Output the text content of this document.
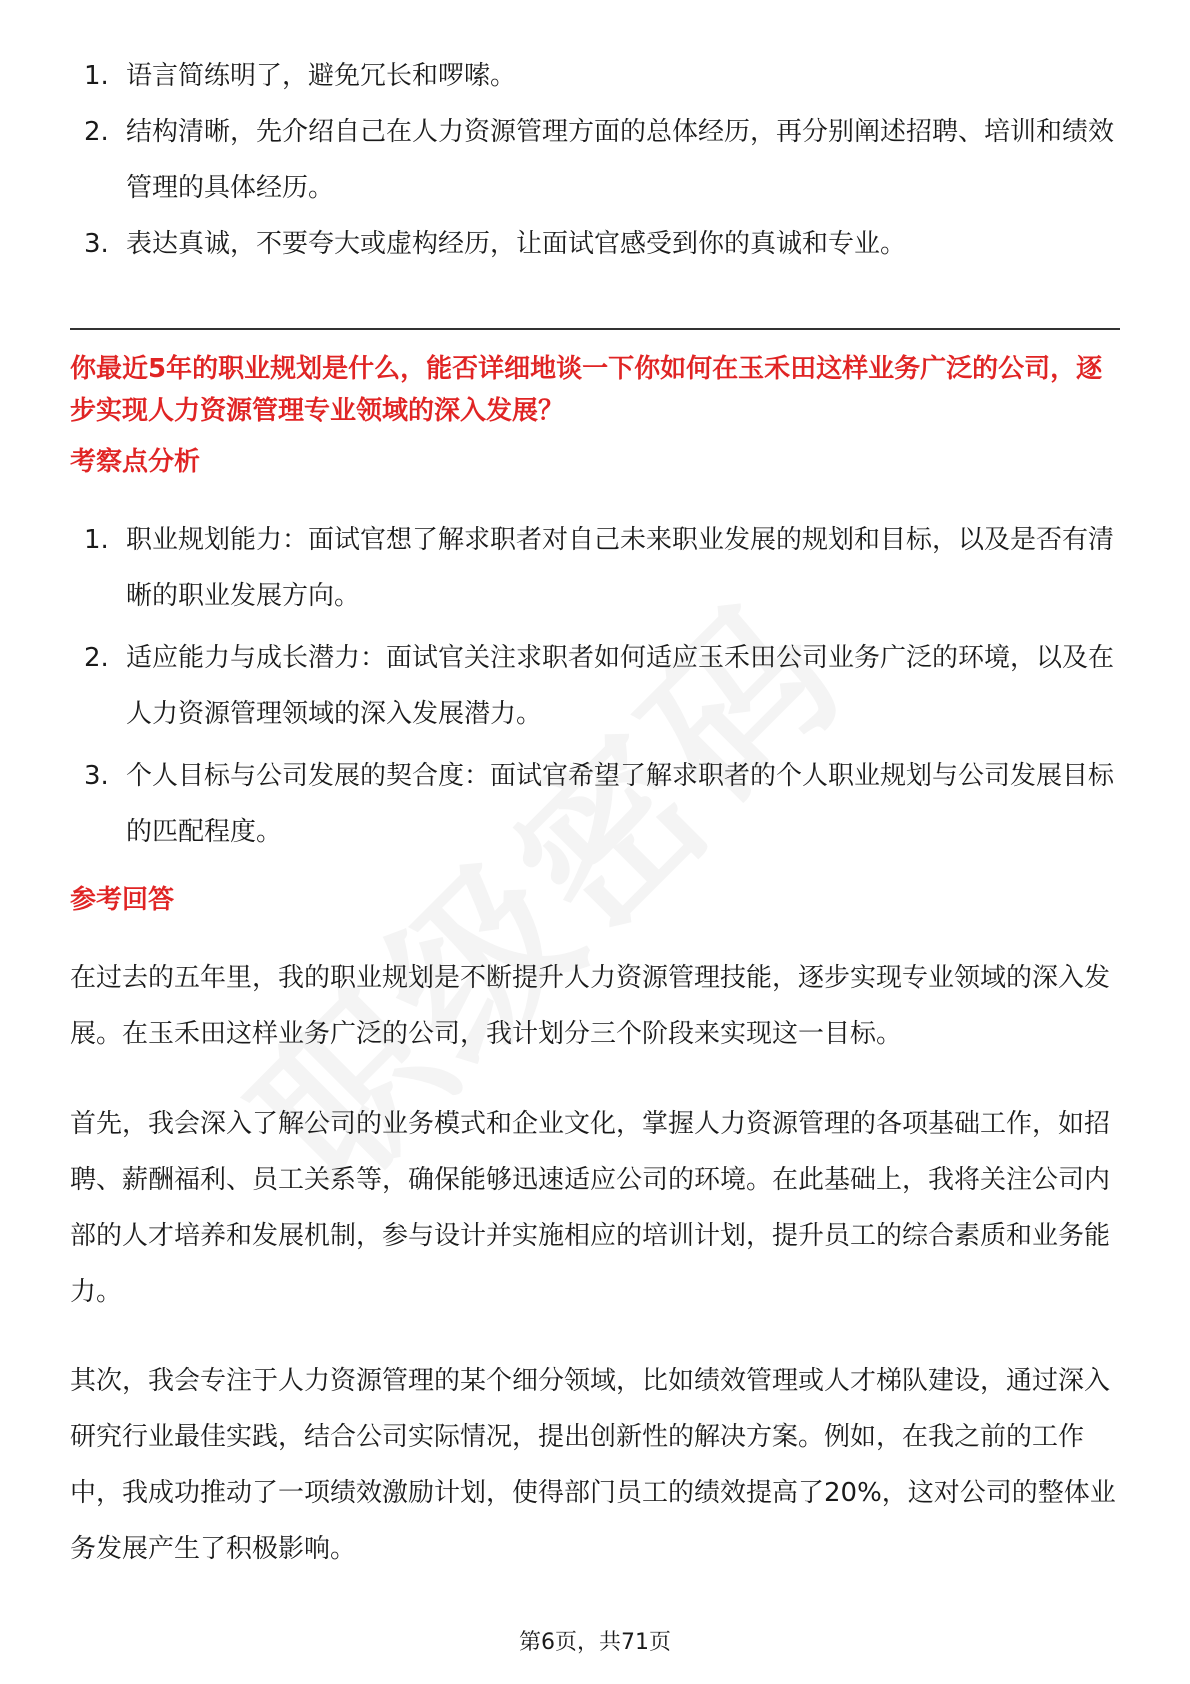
1. 语言简练明了，避免冗长和啰嗦。
2. 结构清晰，先介绍自己在人力资源管理方面的总体经历，再分别阐述招聘、培训和绩效管理的具体经历。
3. 表达真诚，不要夸大或虚构经历，让面试官感受到你的真诚和专业。
你最近5年的职业规划是什么，能否详细地谈一下你如何在玉禾田这样业务广泛的公司，逐步实现人力资源管理专业领域的深入发展？
考察点分析
1. 职业规划能力：面试官想了解求职者对自己未来职业发展的规划和目标，以及是否有清晰的职业发展方向。
2. 适应能力与成长潜力：面试官关注求职者如何适应玉禾田公司业务广泛的环境，以及在人力资源管理领域的深入发展潜力。
3. 个人目标与公司发展的契合度：面试官希望了解求职者的个人职业规划与公司发展目标的匹配程度。
参考回答

在过去的五年里，我的职业规划是不断提升人力资源管理技能，逐步实现专业领域的深入发展。在玉禾田这样业务广泛的公司，我计划分三个阶段来实现这一目标。

首先，我会深入了解公司的业务模式和企业文化，掌握人力资源管理的各项基础工作，如招聘、薪酬福利、员工关系等，确保能够迅速适应公司的环境。在此基础上，我将关注公司内部的人才培养和发展机制，参与设计并实施相应的培训计划，提升员工的综合素质和业务能力。

其次，我会专注于人力资源管理的某个细分领域，比如绩效管理或人才梯队建设，通过深入研究行业最佳实践，结合公司实际情况，提出创新性的解决方案。例如，在我之前的工作中，我成功推动了一项绩效激励计划，使得部门员工的绩效提高了20%，这对公司的整体业务发展产生了积极影响。

第6页，共71页
